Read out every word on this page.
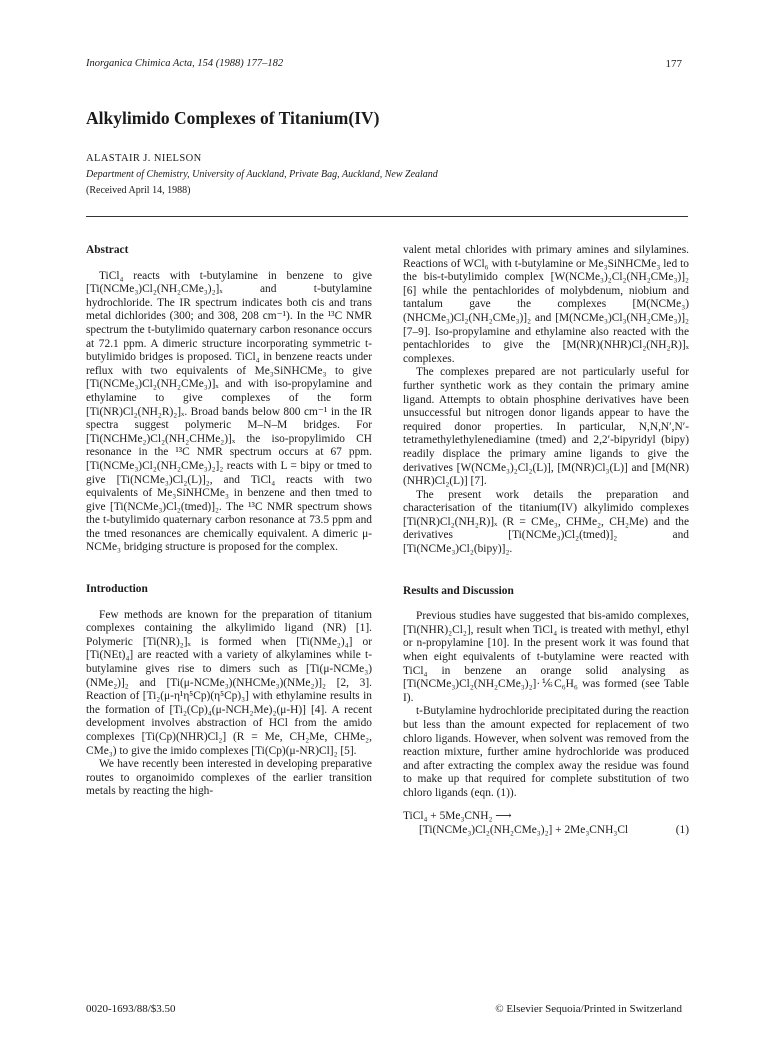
Inorganica Chimica Acta, 154 (1988) 177–182	177
Alkylimido Complexes of Titanium(IV)
ALASTAIR J. NIELSON
Department of Chemistry, University of Auckland, Private Bag, Auckland, New Zealand
(Received April 14, 1988)
Abstract

TiCl₄ reacts with t-butylamine in benzene to give [Ti(NCMe₃)Cl₂(NH₂CMe₃)₂]ₓ and t-butylamine hydrochloride. The IR spectrum indicates both cis and trans metal dichlorides (300; and 308, 208 cm⁻¹). In the ¹³C NMR spectrum the t-butylimido quaternary carbon resonance occurs at 72.1 ppm. A dimeric structure incorporating symmetric t-butylimido bridges is proposed. TiCl₄ in benzene reacts under reflux with two equivalents of Me₃SiNHCMe₃ to give [Ti(NCMe₃)Cl₂(NH₂CMe₃)]ₓ and with iso-propylamine and ethylamine to give complexes of the form [Ti(NR)Cl₂(NH₂R)₂]ₓ. Broad bands below 800 cm⁻¹ in the IR spectra suggest polymeric M–N–M bridges. For [Ti(NCHMe₂)Cl₂(NH₂CHMe₂)]ₓ the iso-propylimido CH resonance in the ¹³C NMR spectrum occurs at 67 ppm. [Ti(NCMe₃)Cl₂(NH₂CMe₃)₂]₂ reacts with L = bipy or tmed to give [Ti(NCMe₃)Cl₂(L)]₂, and TiCl₄ reacts with two equivalents of Me₃SiNHCMe₃ in benzene and then tmed to give [Ti(NCMe₃)Cl₂(tmed)]₂. The ¹³C NMR spectrum shows the t-butylimido quaternary carbon resonance at 73.5 ppm and the tmed resonances are chemically equivalent. A dimeric μ-NCMe₃ bridging structure is proposed for the complex.

Introduction

Few methods are known for the preparation of titanium complexes containing the alkylimido ligand (NR) [1]. Polymeric [Ti(NR)₂]ₓ is formed when [Ti(NMe₂)₄] or [Ti(NEt)₄] are reacted with a variety of alkylamines while t-butylamine gives rise to dimers such as [Ti(μ-NCMe₃)(NMe₂)]₂ and [Ti(μ-NCMe₃)(NHCMe₃)(NMe₂)]₂ [2, 3]. Reaction of [Ti₂(μ-η¹η⁵Cp)(η⁵Cp)₃] with ethylamine results in the formation of [Ti₂(Cp)₄(μ-NCH₂Me)₂(μ-H)] [4]. A recent development involves abstraction of HCl from the amido complexes [Ti(Cp)(NHR)Cl₂] (R = Me, CH₂Me, CHMe₂, CMe₃) to give the imido complexes [Ti(Cp)(μ-NR)Cl]₂ [5].

We have recently been interested in developing preparative routes to organoimido complexes of the earlier transition metals by reacting the high-

valent metal chlorides with primary amines and silylamines. Reactions of WCl₆ with t-butylamine or Me₃SiNHCMe₃ led to the bis-t-butylimido complex [W(NCMe₃)₂Cl₂(NH₂CMe₃)]₂ [6] while the pentachlorides of molybdenum, niobium and tantalum gave the complexes [M(NCMe₃)(NHCMe₃)Cl₂(NH₂CMe₃)]₂ and [M(NCMe₃)Cl₃(NH₂CMe₃)]₂ [7–9]. Iso-propylamine and ethylamine also reacted with the pentachlorides to give the [M(NR)(NHR)Cl₂(NH₂R)]ₓ complexes.

The complexes prepared are not particularly useful for further synthetic work as they contain the primary amine ligand. Attempts to obtain phosphine derivatives have been unsuccessful but nitrogen donor ligands appear to have the required donor properties. In particular, N,N,N′,N′-tetramethylethylenediamine (tmed) and 2,2′-bipyridyl (bipy) readily displace the primary amine ligands to give the derivatives [W(NCMe₃)₂Cl₂(L)], [M(NR)Cl₃(L)] and [M(NR)(NHR)Cl₂(L)] [7].

The present work details the preparation and characterisation of the titanium(IV) alkylimido complexes [Ti(NR)Cl₂(NH₂R)]ₓ (R = CMe₃, CHMe₂, CH₂Me) and the derivatives [Ti(NCMe₃)Cl₂(tmed)]₂ and [Ti(NCMe₃)Cl₂(bipy)]₂.

Results and Discussion

Previous studies have suggested that bis-amido complexes, [Ti(NHR)₂Cl₂], result when TiCl₄ is treated with methyl, ethyl or n-propylamine [10]. In the present work it was found that when eight equivalents of t-butylamine were reacted with TiCl₄ in benzene an orange solid analysing as [Ti(NCMe₃)Cl₂(NH₂CMe₃)₂]·⅙C₆H₆ was formed (see Table I).

t-Butylamine hydrochloride precipitated during the reaction but less than the amount expected for replacement of two chloro ligands. However, when solvent was removed from the reaction mixture, further amine hydrochloride was produced and after extracting the complex away the residue was found to make up that required for complete substitution of two chloro ligands (eqn. (1)).

TiCl₄ + 5Me₃CNH₂ ⟶
[Ti(NCMe₃)Cl₂(NH₂CMe₃)₂] + 2Me₃CNH₃Cl	(1)
0020-1693/88/$3.50	© Elsevier Sequoia/Printed in Switzerland
